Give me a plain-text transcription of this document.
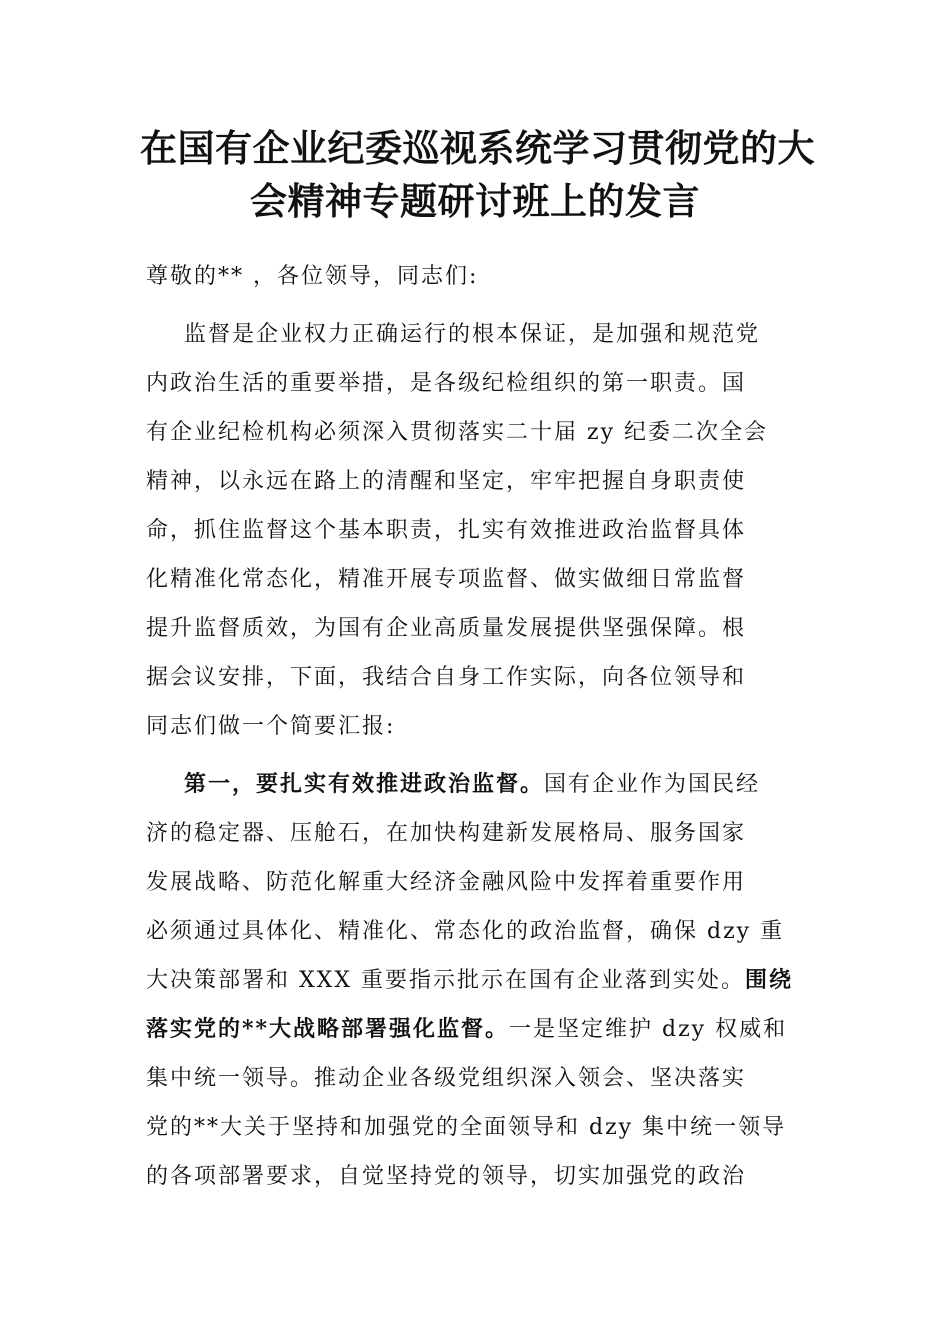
在国有企业纪委巡视系统学习贯彻党的大
会精神专题研讨班上的发言
尊敬的** ，各位领导，同志们:
监督是企业权力正确运行的根本保证，是加强和规范党
内政治生活的重要举措，是各级纪检组织的第一职责。国
有企业纪检机构必须深入贯彻落实二十届 zy 纪委二次全会
精神，以永远在路上的清醒和坚定，牢牢把握自身职责使
命，抓住监督这个基本职责，扎实有效推进政治监督具体
化精准化常态化，精准开展专项监督、做实做细日常监督
提升监督质效，为国有企业高质量发展提供坚强保障。根
据会议安排，下面，我结合自身工作实际，向各位领导和
同志们做一个简要汇报:
第一，要扎实有效推进政治监督。国有企业作为国民经
济的稳定器、压舱石，在加快构建新发展格局、服务国家
发展战略、防范化解重大经济金融风险中发挥着重要作用
必须通过具体化、精准化、常态化的政治监督，确保 dzy 重
大决策部署和 XXX 重要指示批示在国有企业落到实处。围绕
落实党的**大战略部署强化监督。一是坚定维护 dzy 权威和
集中统一领导。推动企业各级党组织深入领会、坚决落实
党的**大关于坚持和加强党的全面领导和 dzy 集中统一领导
的各项部署要求，自觉坚持党的领导，切实加强党的政治
